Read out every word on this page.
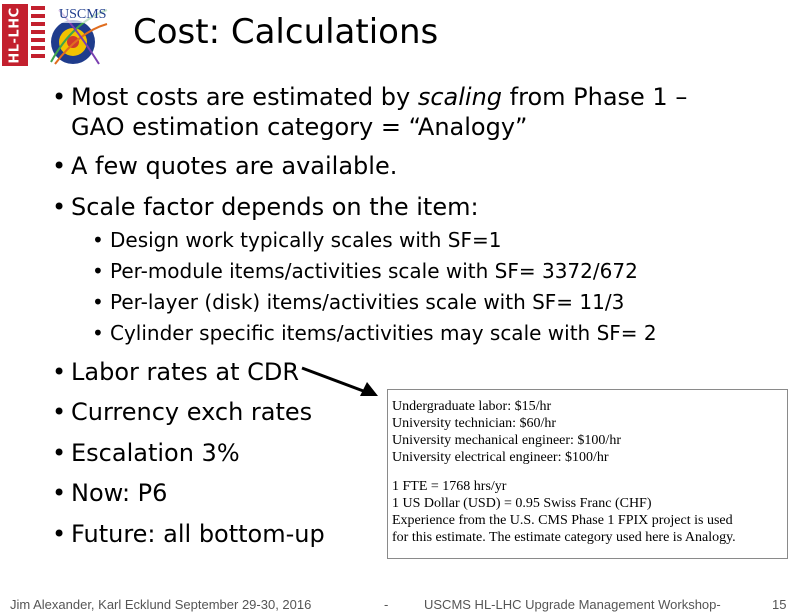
HL-LHC	USCMS Cost: Calculations
• Most costs are estimated by scaling from Phase 1 –
GAO estimation category = “Analogy”
• A few quotes are available.
• Scale factor depends on the item:
• Design work typically scales with SF=1
• Per-module items/activities scale with SF= 3372/672
• Per-layer (disk) items/activities scale with SF= 11/3
• Cylinder specific items/activities may scale with SF= 2
• Labor rates at CDR
• Currency exch rates
• Escalation 3%
• Now: P6
• Future: all bottom-up
Undergraduate labor: $15/hr
University technician: $60/hr
University mechanical engineer: $100/hr
University electrical engineer: $100/hr
1 FTE = 1768 hrs/yr
1 US Dollar (USD) = 0.95 Swiss Franc (CHF)
Experience from the U.S. CMS Phase 1 FPIX project is used
for this estimate. The estimate category used here is Analogy.
Jim Alexander, Karl Ecklund September 29-30, 2016	-	USCMS HL-LHC Upgrade Management Workshop-	15
